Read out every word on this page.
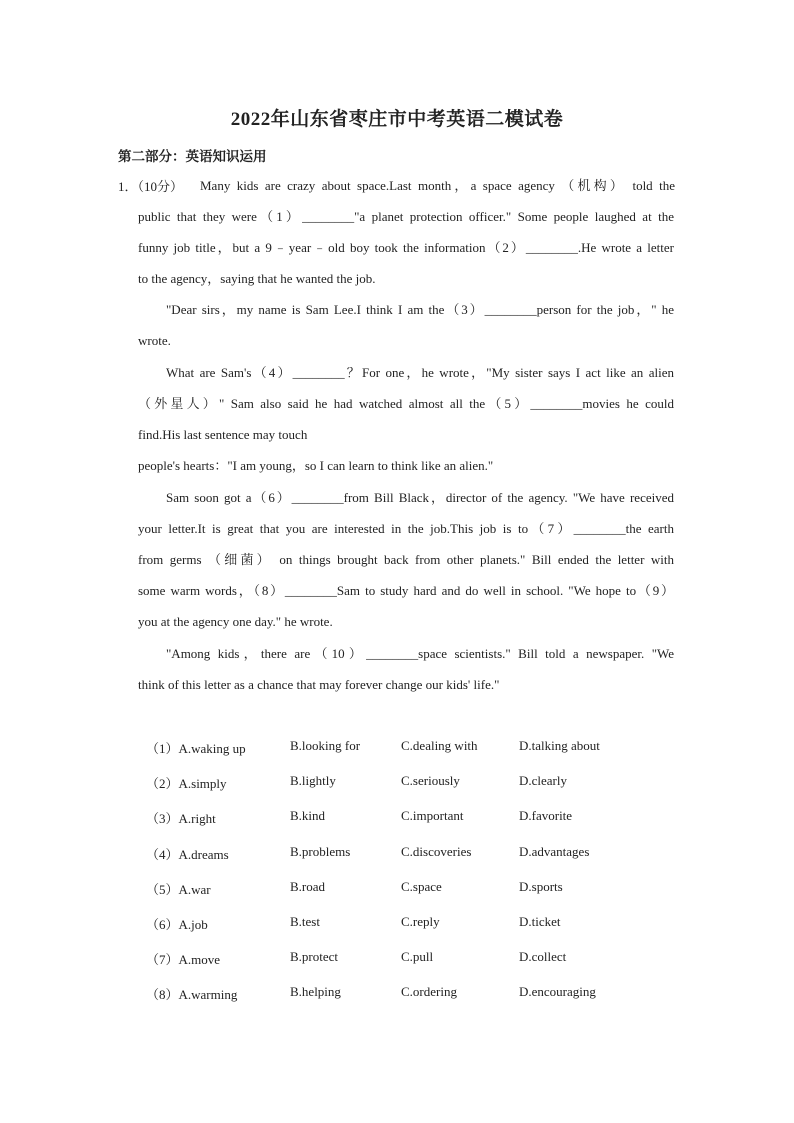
2022年山东省枣庄市中考英语二模试卷
第二部分：英语知识运用
1．（10分） Many kids are crazy about space.Last month，a space agency （机构） told the
public that they were（1）________"a planet protection officer." Some people laughed at the
funny job title，but a 9﹣year﹣old boy took the information（2）________.He wrote a letter
to the agency，saying that he wanted the job.
"Dear sirs，my name is Sam Lee.I think I am the（3）________person for the job，" he
wrote.
What are Sam's（4）________？For one，he wrote，"My sister says I act like an alien
（外星人）" Sam also said he had watched almost all the（5）________movies he could
find.His last sentence may touch
people's hearts："I am young，so I can learn to think like an alien."
Sam soon got a（6）________from Bill Black，director of the agency. "We have received
your letter.It is great that you are interested in the job.This job is to（7）________the earth
from germs （细菌） on things brought back from other planets." Bill ended the letter with
some warm words，（8）________Sam to study hard and do well in school. "We hope to（9）
you at the agency one day." he wrote.
"Among kids，there are（10）________space scientists." Bill told a newspaper. "We
think of this letter as a chance that may forever change our kids' life."
（1）A.waking up	B.looking for	C.dealing with	D.talking about
（2）A.simply	B.lightly	C.seriously	D.clearly
（3）A.right	B.kind	C.important	D.favorite
（4）A.dreams	B.problems	C.discoveries	D.advantages
（5）A.war	B.road	C.space	D.sports
（6）A.job	B.test	C.reply	D.ticket
（7）A.move	B.protect	C.pull	D.collect
（8）A.warming	B.helping	C.ordering	D.encouraging
